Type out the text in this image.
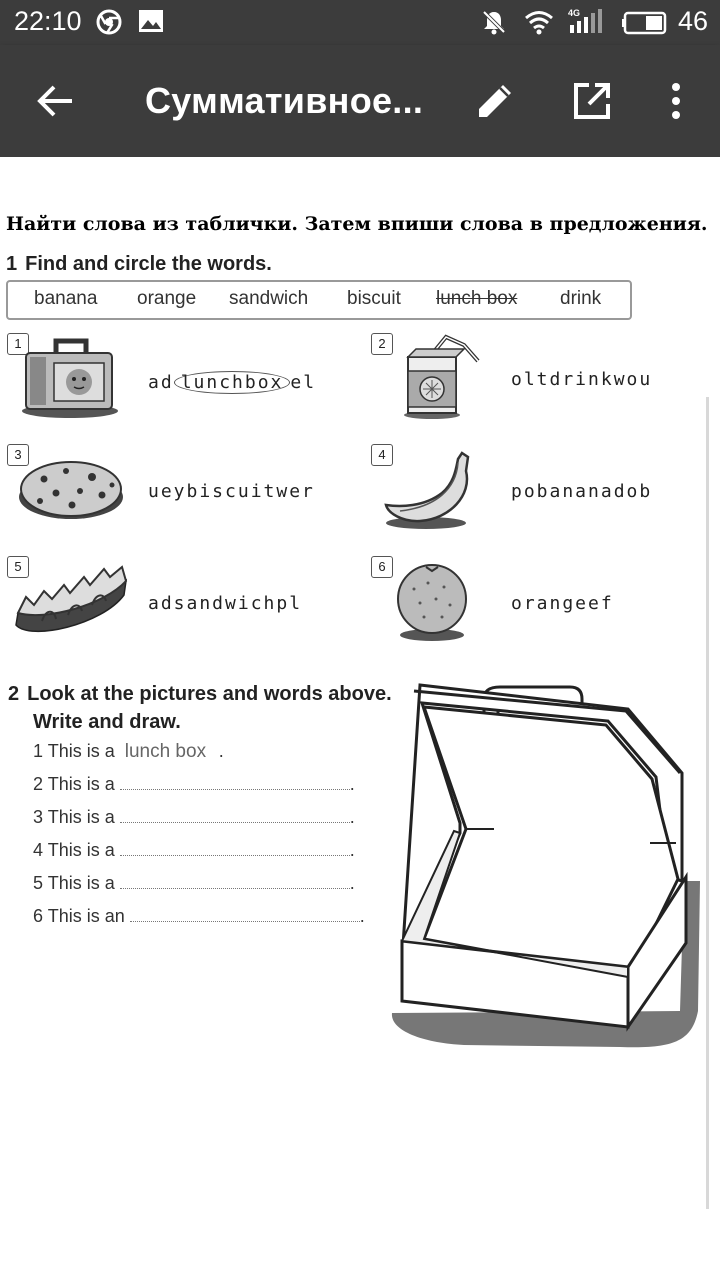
22:10	4G	46
Суммативное...
Найти слова из таблички. Затем впиши слова в предложения.
1 Find and circle the words.
banana orange sandwich biscuit lunch box drink
1
ad lunchbox el
2
oltdrinkwou
3
ueybiscuitwer
4
pobananadob
5
adsandwichpl
6
orangeef
2 Look at the pictures and words above.
Write and draw.
1 This is a lunch box .
2 This is a	.
3 This is a	.
4 This is a	.
5 This is a	.
6 This is an	.
